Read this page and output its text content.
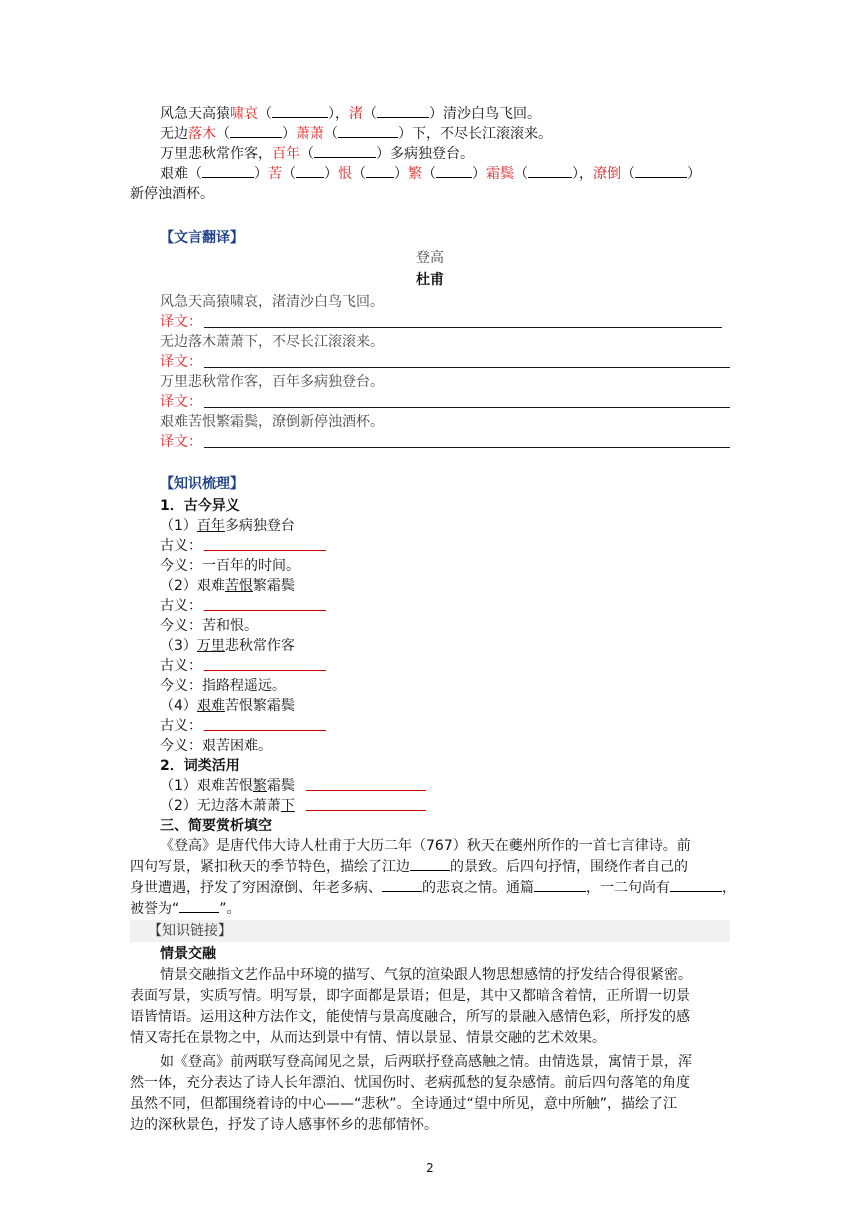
风急天高猿啸哀（	），渚（	）清沙白鸟飞回。
无边落木（	）萧萧（	）下，不尽长江滚滚来。
万里悲秋常作客，百年（	）多病独登台。
艰难（	）苦（ ）恨（ ）繁（	）霜鬓（	），潦倒（	）
新停浊酒杯。
【文言翻译】
登高
杜甫
风急天高猿啸哀，渚清沙白鸟飞回。
译文：
无边落木萧萧下，不尽长江滚滚来。
译文：
万里悲秋常作客，百年多病独登台。
译文：
艰难苦恨繁霜鬓，潦倒新停浊酒杯。
译文：
【知识梳理】
1．古今异义
（1）百年多病独登台
古义：
今义：一百年的时间。
（2）艰难苦恨繁霜鬓
古义：
今义：苦和恨。
（3）万里悲秋常作客
古义：
今义：指路程遥远。
（4）艰难苦恨繁霜鬓
古义：
今义：艰苦困难。
2．词类活用
（1）艰难苦恨繁霜鬓
（2）无边落木萧萧下
三、简要赏析填空
《登高》是唐代伟大诗人杜甫于大历二年（767）秋天在夔州所作的一首七言律诗。前
四句写景，紧扣秋天的季节特色，描绘了江边	的景致。后四句抒情，围绕作者自己的
身世遭遇，抒发了穷困潦倒、年老多病、	的悲哀之情。通篇	，一二句尚有	，
被誉为“	”。
【知识链接】
情景交融
情景交融指文艺作品中环境的描写、气氛的渲染跟人物思想感情的抒发结合得很紧密。
表面写景，实质写情。明写景，即字面都是景语；但是，其中又都暗含着情，正所谓一切景
语皆情语。运用这种方法作文，能使情与景高度融合，所写的景融入感情色彩，所抒发的感
情又寄托在景物之中，从而达到景中有情、情以景显、情景交融的艺术效果。
如《登高》前两联写登高闻见之景，后两联抒登高感触之情。由情选景，寓情于景，浑
然一体，充分表达了诗人长年漂泊、忧国伤时、老病孤愁的复杂感情。前后四句落笔的角度
虽然不同，但都围绕着诗的中心——“悲秋”。全诗通过“望中所见，意中所触”，描绘了江
边的深秋景色，抒发了诗人感事怀乡的悲郁情怀。
2
